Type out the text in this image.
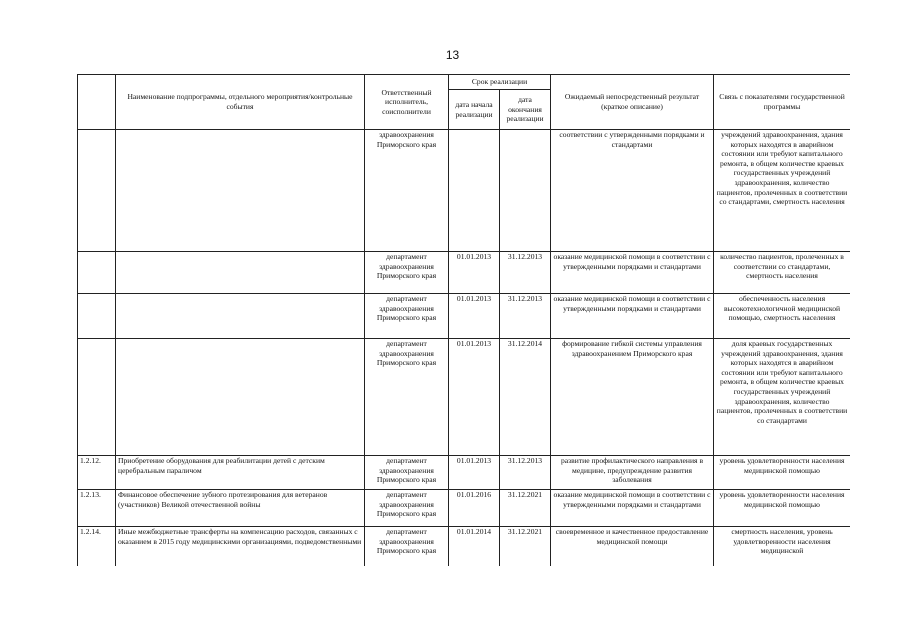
13
	Наименование подпрограммы, отдельного мероприятия/контрольные события	Ответственный исполнитель, соисполнители	Срок реализации		Ожидаемый непосредственный результат (краткое описание)	Связь с показателями государственной программы
			дата начала реализации	дата окончания реализации		
		здравоохранения Приморского края			соответствии с утвержденными порядками и стандартами	учреждений здравоохранения, здания которых находятся в аварийном состоянии или требуют капитального ремонта, в общем количестве краевых государственных учреждений здравоохранения, количество пациентов, пролеченных в соответствии со стандартами, смертность населения
		департамент здравоохранения Приморского края	01.01.2013	31.12.2013	оказание медицинской помощи в соответствии с утвержденными порядками и стандартами	количество пациентов, пролеченных в соответствии со стандартами, смертность населения
		департамент здравоохранения Приморского края	01.01.2013	31.12.2013	оказание медицинской помощи в соответствии с утвержденными порядками и стандартами	обеспеченность населения высокотехнологичной медицинской помощью, смертность населения
		департамент здравоохранения Приморского края	01.01.2013	31.12.2014	формирование гибкой системы управления здравоохранением Приморского края	доля краевых государственных учреждений здравоохранения, здания которых находятся в аварийном состоянии или требуют капитального ремонта, в общем количестве краевых государственных учреждений здравоохранения, количество пациентов, пролеченных в соответствии со стандартами
1.2.12.	Приобретение оборудования для реабилитации детей с детским церебральным параличом	департамент здравоохранения Приморского края	01.01.2013	31.12.2013	развитие профилактического направления в медицине, предупреждение развития заболевания	уровень удовлетворенности населения медицинской помощью
1.2.13.	Финансовое обеспечение зубного протезирования для ветеранов (участников) Великой отечественной войны	департамент здравоохранения Приморского края	01.01.2016	31.12.2021	оказание медицинской помощи в соответствии с утвержденными порядками и стандартами	уровень удовлетворенности населения медицинской помощью
1.2.14.	Иные межбюджетные трансферты на компенсацию расходов, связанных с оказанием в 2015 году медицинскими организациями, подведомственными	департамент здравоохранения Приморского края	01.01.2014	31.12.2021	своевременное и качественное предоставление медицинской помощи	смертность населения, уровень удовлетворенности населения медицинской
